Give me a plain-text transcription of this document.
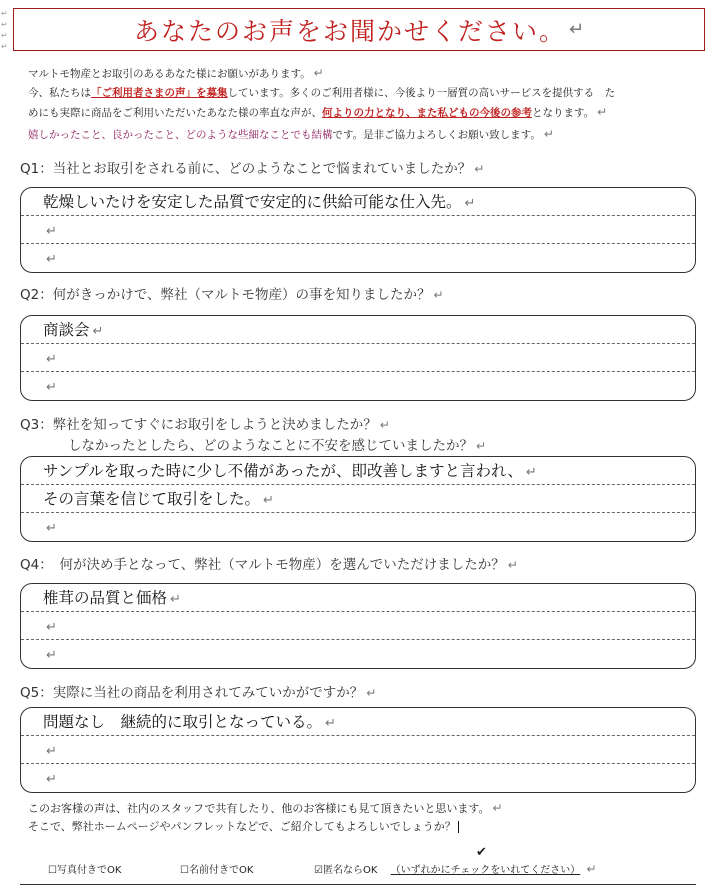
↵
↵
↵
↵
あなたのお声をお聞かせください。 ↵
マルトモ物産とお取引のあるあなた様にお願いがあります。 ↵
今、私たちは「ご利用者さまの声」を募集しています。多くのご利用者様に、今後より一層質の高いサービスを提供する　た
めにも実際に商品をご利用いただいたあなた様の率直な声が、何よりの力となり、また私どもの今後の参考となります。 ↵
嬉しかったこと、良かったこと、どのような些細なことでも結構です。是非ご協力よろしくお願い致します。 ↵
Q1：当社とお取引をされる前に、どのようなことで悩まれていましたか？ ↵
乾燥しいたけを安定した品質で安定的に供給可能な仕入先。 ↵
↵
↵
Q2：何がきっかけで、弊社（マルトモ物産）の事を知りましたか？ ↵
商談会 ↵
↵
↵
Q3：弊社を知ってすぐにお取引をしようと決めましたか？ ↵
しなかったとしたら、どのようなことに不安を感じていましたか？ ↵
サンプルを取った時に少し不備があったが、即改善しますと言われ、 ↵
その言葉を信じて取引をした。 ↵
↵
Q4：　何が決め手となって、弊社（マルトモ物産）を選んでいただけましたか？ ↵
椎茸の品質と価格 ↵
↵
↵
Q5：実際に当社の商品を利用されてみていかがですか？ ↵
問題なし　継続的に取引となっている。 ↵
↵
↵
このお客様の声は、社内のスタッフで共有したり、他のお客様にも見て頂きたいと思います。 ↵
そこで、弊社ホームページやパンフレットなどで、ご紹介してもよろしいでしょうか？
✔
☐写真付きでOK	☐名前付きでOK	☑匿名ならOK （いずれかにチェックをいれてください） ↵
